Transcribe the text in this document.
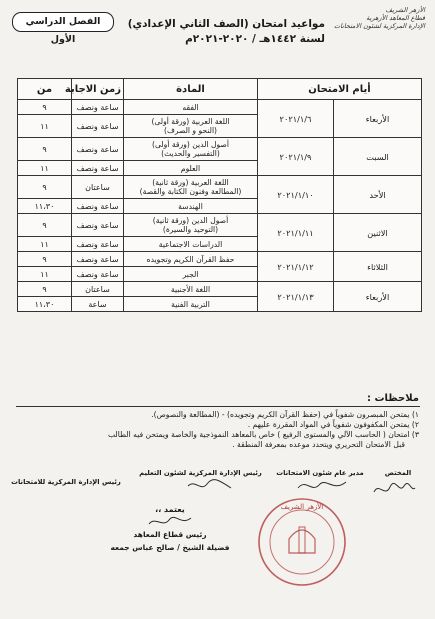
الأزهر الشريف
قطاع المعاهد الأزهرية
الإدارة المركزية لشئون الامتحانات
مواعيد امتحان (الصف الثاني الإعدادي)
لسنة ١٤٤٢هـ / ٢٠٢٠-٢٠٢١م
الفصل الدراسي الأول
أيام الامتحان		المادة	زمن الاجابة	من	
الأربعاء	٢٠٢١/١/٦	الفقه	ساعة ونصف	٩	

		اللغة العربية (ورقة أولى)
(النحو و الصرف)	ساعة ونصف	١١	
السبت	٢٠٢١/١/٩	أصول الدين (ورقة أولى)
(التفسير والحديث)	ساعة ونصف	٩	
		العلوم	ساعة ونصف	١١	
الأحد	٢٠٢١/١/١٠	اللغة العربية (ورقة ثانية)
(المطالعة وفنون الكتابة والقصة)	ساعتان	٩	
		الهندسة	ساعة ونصف	١١،٣٠	
الاثنين	٢٠٢١/١/١١	أصول الدين (ورقة ثانية)
(التوحيد والسيرة)	ساعة ونصف	٩	
		الدراسات الاجتماعية	ساعة ونصف	١١	
الثلاثاء	٢٠٢١/١/١٢	حفظ القرآن الكريم وتجويده	ساعة ونصف	٩	
		الجبر	ساعة ونصف	١١	
الأربعاء	٢٠٢١/١/١٣	اللغة الأجنبية	ساعتان	٩	
		التربية الفنية	ساعة	١١،٣٠	
ملاحظات :
١) يمتحن المبصرون شفوياً في (حفظ القرآن الكريم وتجويده) - (المطالعة والنصوص).
٢) يمتحن المكفوفون شفوياً في المواد المقررة عليهم .
٣) امتحان ( الحاسب الآلي والمستوى الرفيع ) خاص بالمعاهد النموذجية والخاصة ويمتحن فيه الطالب
قبل الامتحان التحريري ويتحدد موعده بمعرفة المنطقة .
المختص
مدير عام شئون الامتحانات
رئيس الإدارة المركزية لشئون التعليم
رئيس الإدارة المركزية للامتحانات
يعتمد ،،
رئيس قطاع المعاهد
فضيلة الشيخ / صالح عباس جمعه
الأزهر الشريف
